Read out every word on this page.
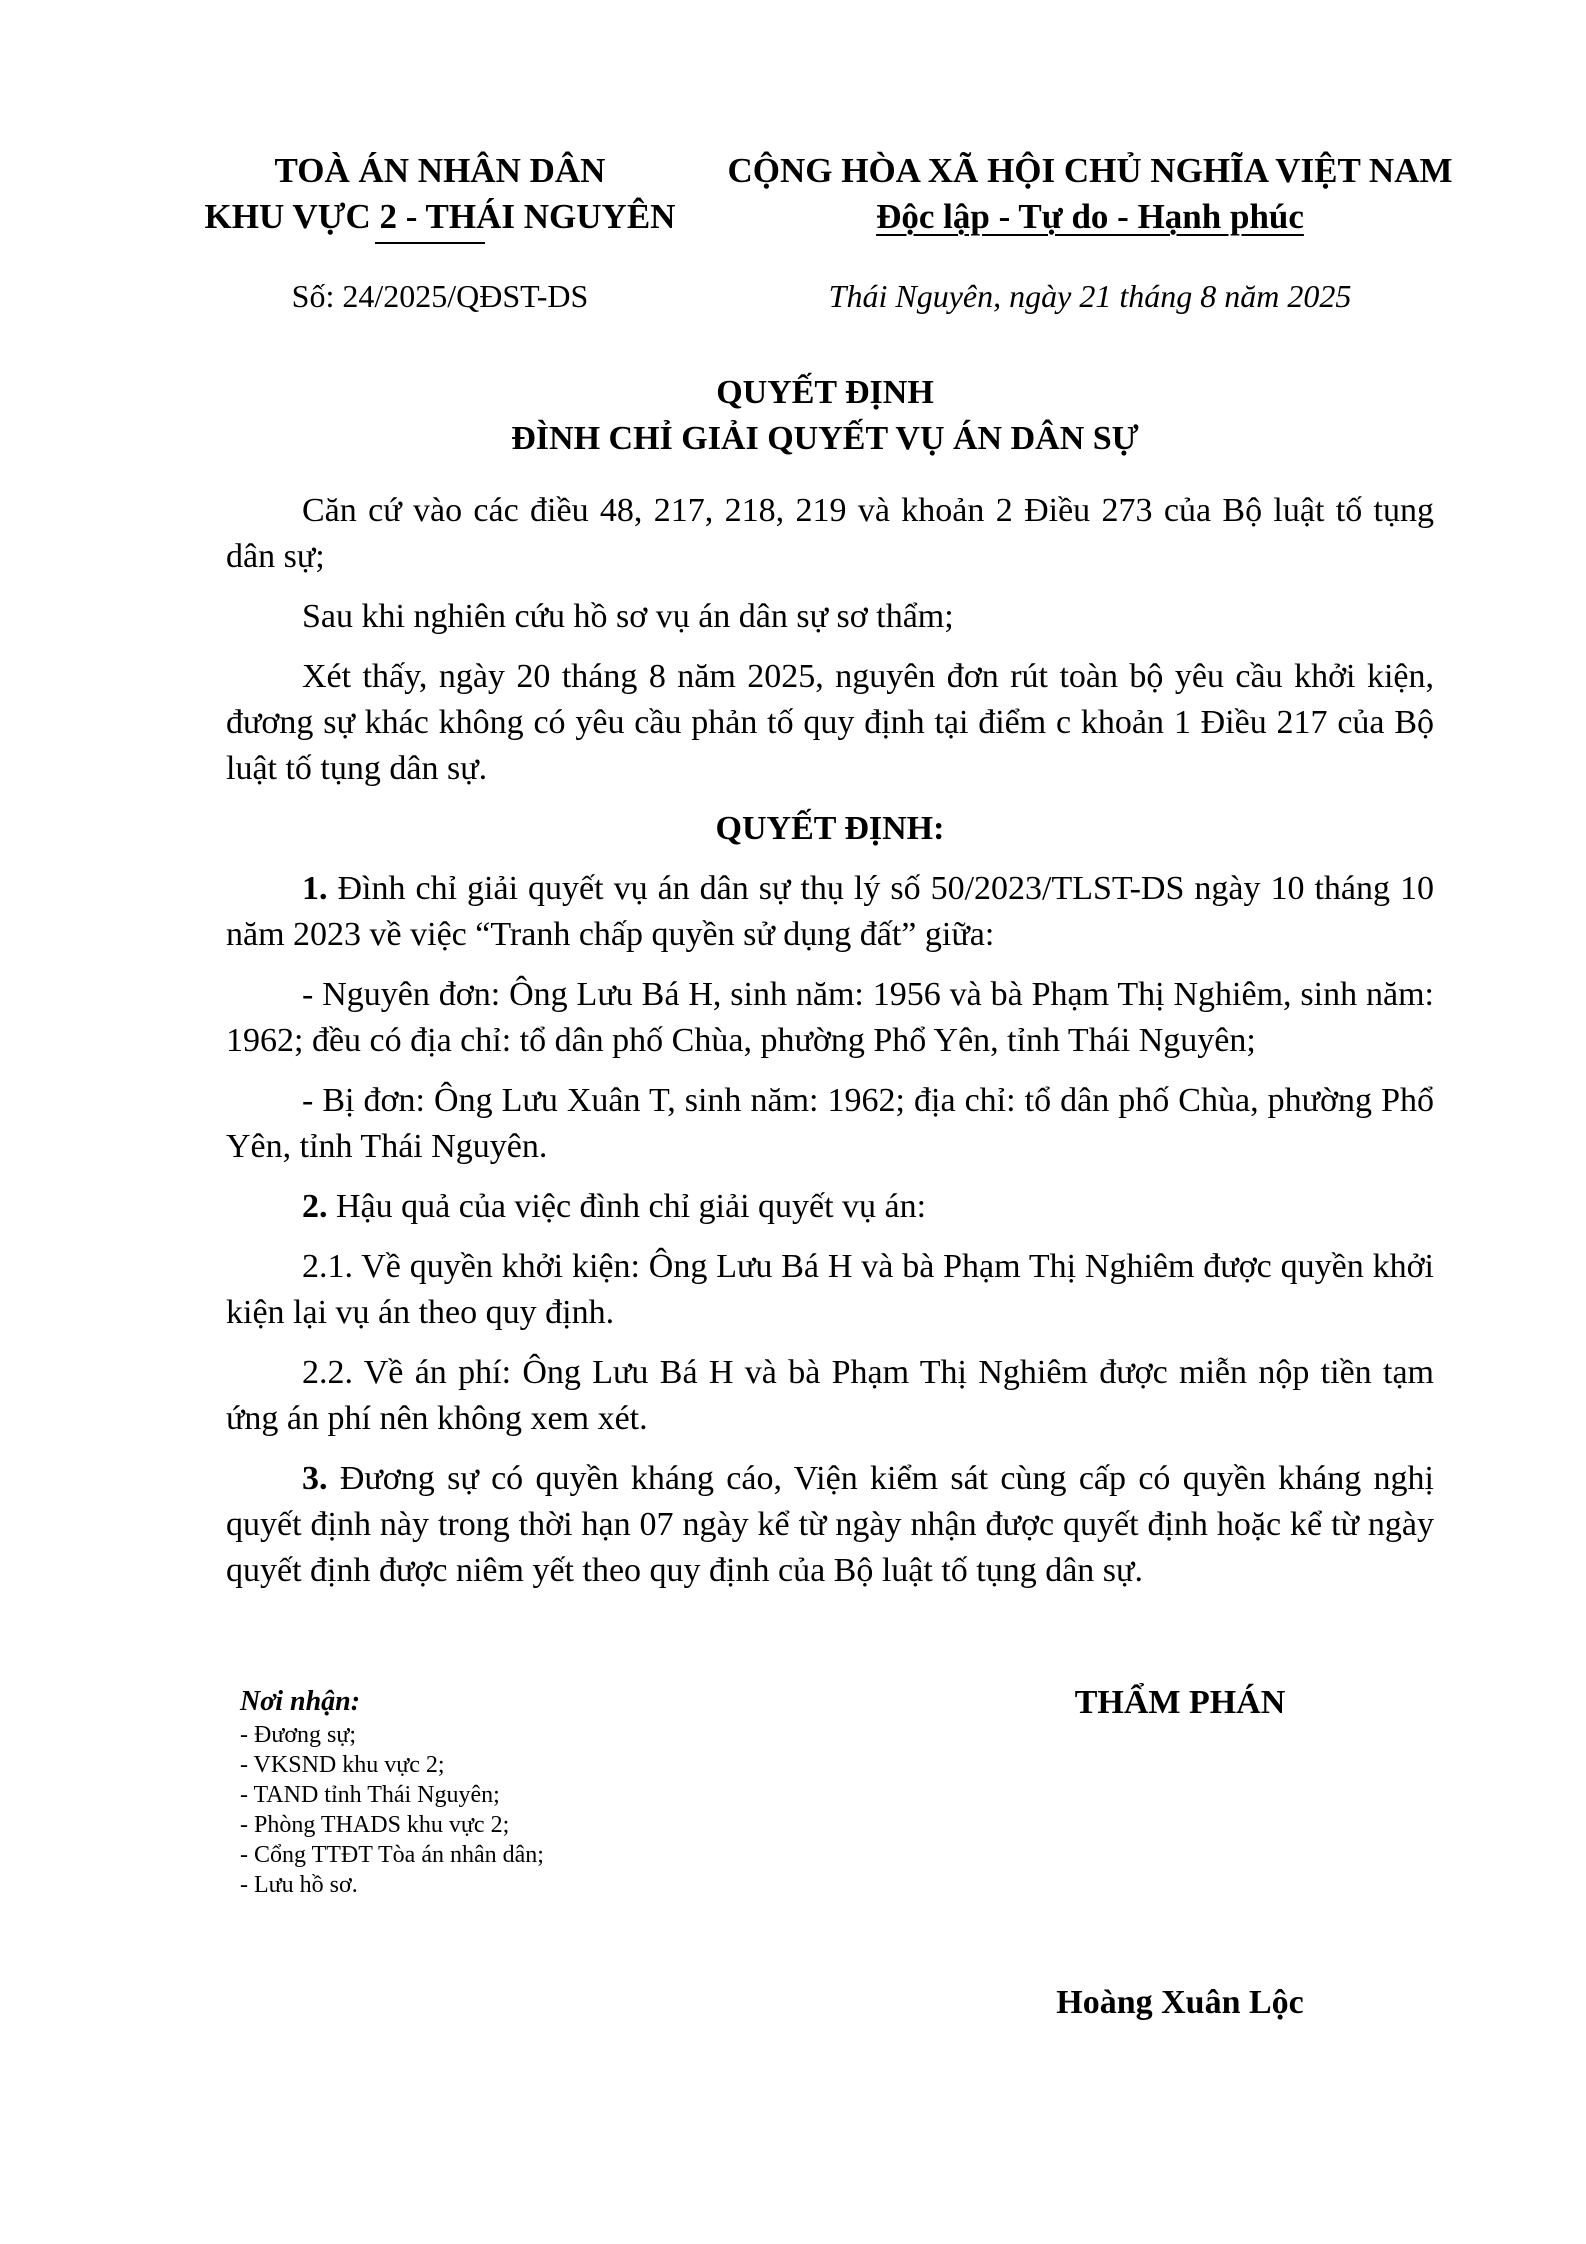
TOÀ ÁN NHÂN DÂN
KHU VỰC 2 - THÁI NGUYÊN
CỘNG HÒA XÃ HỘI CHỦ NGHĨA VIỆT NAM
Độc lập - Tự do - Hạnh phúc
Số: 24/2025/QĐST-DS	Thái Nguyên, ngày 21 tháng 8 năm 2025
QUYẾT ĐỊNH
ĐÌNH CHỈ GIẢI QUYẾT VỤ ÁN DÂN SỰ

Căn cứ vào các điều 48, 217, 218, 219 và khoản 2 Điều 273 của Bộ luật tố tụng dân sự;

Sau khi nghiên cứu hồ sơ vụ án dân sự sơ thẩm;

Xét thấy, ngày 20 tháng 8 năm 2025, nguyên đơn rút toàn bộ yêu cầu khởi kiện, đương sự khác không có yêu cầu phản tố quy định tại điểm c khoản 1 Điều 217 của Bộ luật tố tụng dân sự.

QUYẾT ĐỊNH:

1. Đình chỉ giải quyết vụ án dân sự thụ lý số 50/2023/TLST-DS ngày 10 tháng 10 năm 2023 về việc “Tranh chấp quyền sử dụng đất” giữa:

- Nguyên đơn: Ông Lưu Bá H, sinh năm: 1956 và bà Phạm Thị Nghiêm, sinh năm: 1962; đều có địa chỉ: tổ dân phố Chùa, phường Phổ Yên, tỉnh Thái Nguyên;

- Bị đơn: Ông Lưu Xuân T, sinh năm: 1962; địa chỉ: tổ dân phố Chùa, phường Phổ Yên, tỉnh Thái Nguyên.

2. Hậu quả của việc đình chỉ giải quyết vụ án:

2.1. Về quyền khởi kiện: Ông Lưu Bá H và bà Phạm Thị Nghiêm được quyền khởi kiện lại vụ án theo quy định.

2.2. Về án phí: Ông Lưu Bá H và bà Phạm Thị Nghiêm được miễn nộp tiền tạm ứng án phí nên không xem xét.

3. Đương sự có quyền kháng cáo, Viện kiểm sát cùng cấp có quyền kháng nghị quyết định này trong thời hạn 07 ngày kể từ ngày nhận được quyết định hoặc kể từ ngày quyết định được niêm yết theo quy định của Bộ luật tố tụng dân sự.

Nơi nhận:
- Đương sự;
- VKSND khu vực 2;
- TAND tỉnh Thái Nguyên;
- Phòng THADS khu vực 2;
- Cổng TTĐT Tòa án nhân dân;
- Lưu hồ sơ.
THẨM PHÁN
Hoàng Xuân Lộc
